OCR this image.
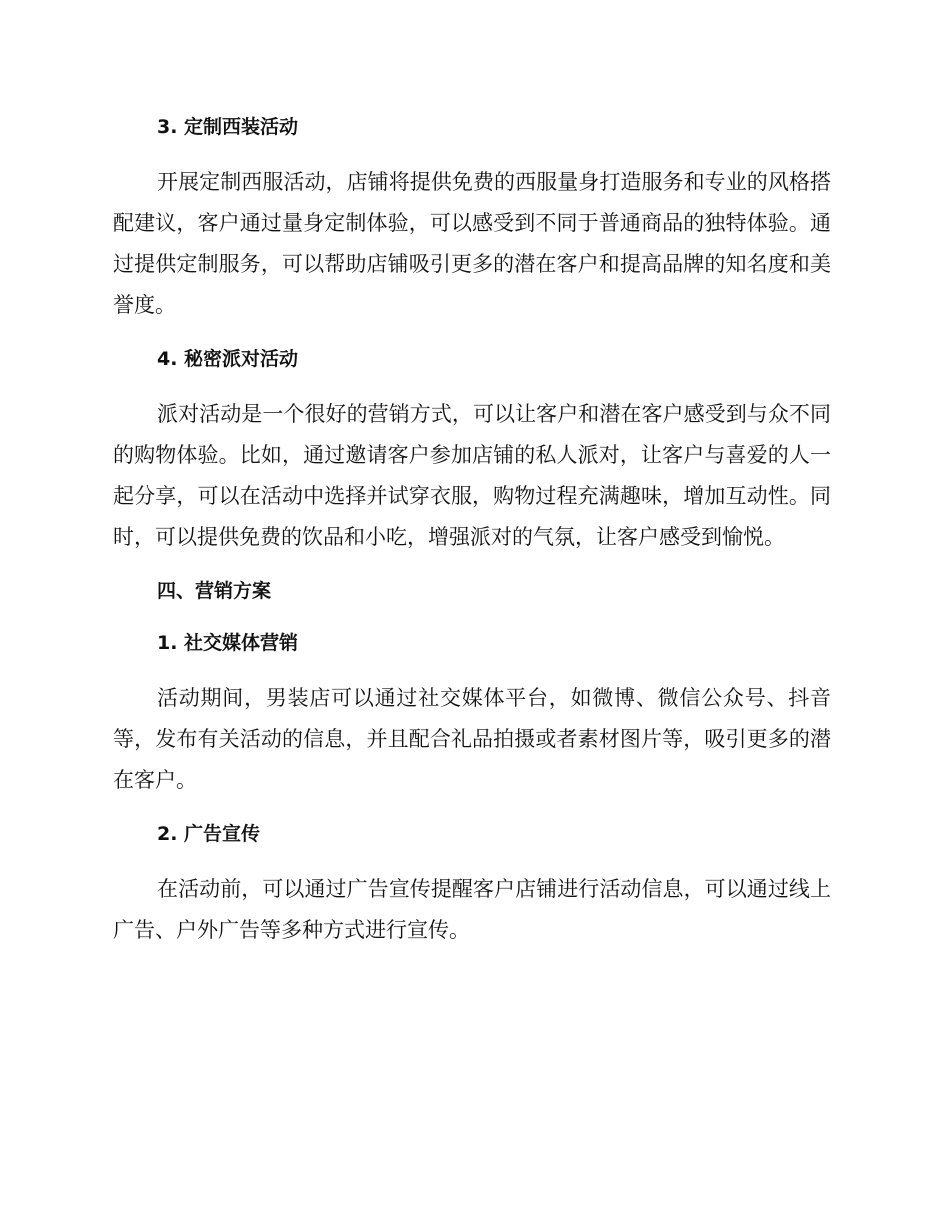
3. 定制西装活动

开展定制西服活动，店铺将提供免费的西服量身打造服务和专业的风格搭配建议，客户通过量身定制体验，可以感受到不同于普通商品的独特体验。通过提供定制服务，可以帮助店铺吸引更多的潜在客户和提高品牌的知名度和美誉度。

4. 秘密派对活动

派对活动是一个很好的营销方式，可以让客户和潜在客户感受到与众不同的购物体验。比如，通过邀请客户参加店铺的私人派对，让客户与喜爱的人一起分享，可以在活动中选择并试穿衣服，购物过程充满趣味，增加互动性。同时，可以提供免费的饮品和小吃，增强派对的气氛，让客户感受到愉悦。

四、营销方案

1. 社交媒体营销

活动期间，男装店可以通过社交媒体平台，如微博、微信公众号、抖音等，发布有关活动的信息，并且配合礼品拍摄或者素材图片等，吸引更多的潜在客户。

2. 广告宣传

在活动前，可以通过广告宣传提醒客户店铺进行活动信息，可以通过线上广告、户外广告等多种方式进行宣传。
